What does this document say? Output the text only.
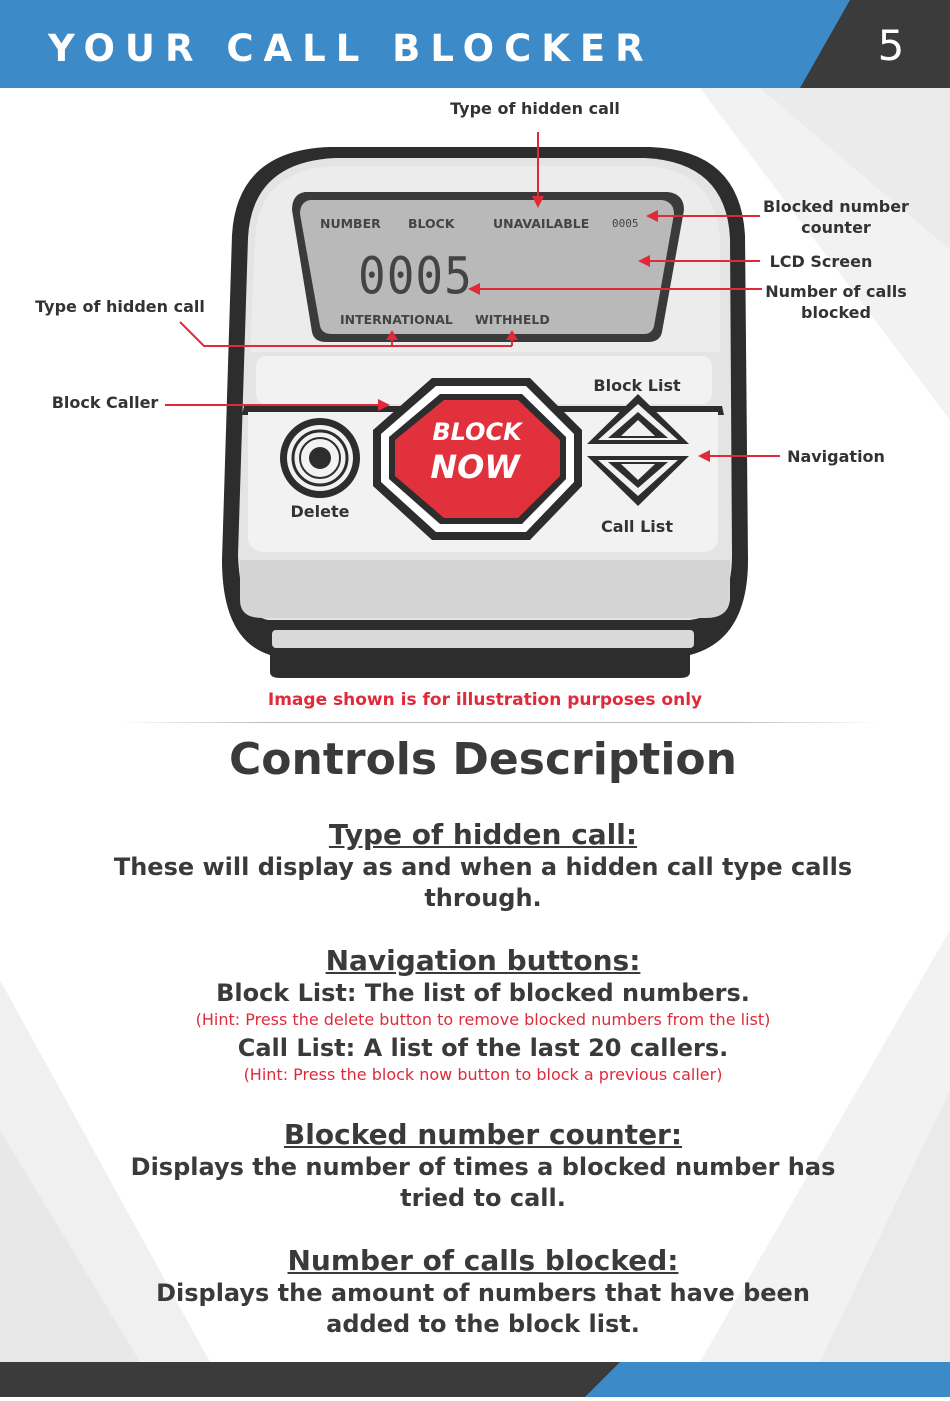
YOUR CALL BLOCKER	5
NUMBER BLOCK	UNAVAILABLE 0005
0005
INTERNATIONAL WITHHELD
BLOCK
NOW
Delete
Block List
Call List
Type of hidden call
Blocked number counter
LCD Screen
Number of calls blocked
Type of hidden call
Block Caller
Navigation
Image shown is for illustration purposes only
Controls Description
Type of hidden call:
These will display as and when a hidden call type calls
through.
Navigation buttons:
Block List: The list of blocked numbers.
(Hint: Press the delete button to remove blocked numbers from the list)
Call List: A list of the last 20 callers.
(Hint: Press the block now button to block a previous caller)
Blocked number counter:
Displays the number of times a blocked number has
tried to call.
Number of calls blocked:
Displays the amount of numbers that have been
added to the block list.
